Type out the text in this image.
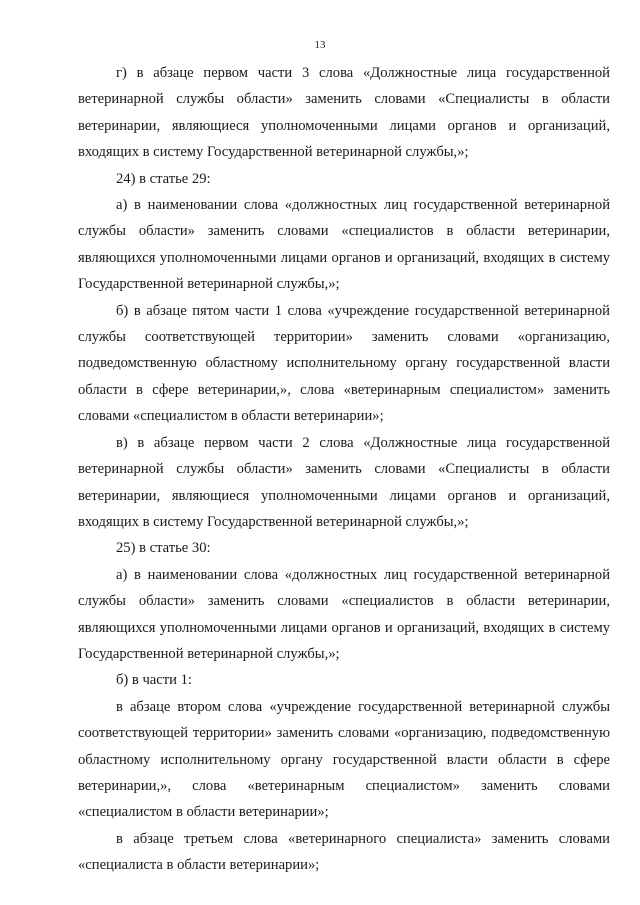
13

г) в абзаце первом части 3 слова «Должностные лица государственной ветеринарной службы области» заменить словами «Специалисты в области ветеринарии, являющиеся уполномоченными лицами органов и организаций, входящих в систему Государственной ветеринарной службы,»;

24) в статье 29:

а) в наименовании слова «должностных лиц государственной ветеринарной службы области» заменить словами «специалистов в области ветеринарии, являющихся уполномоченными лицами органов и организаций, входящих в систему Государственной ветеринарной службы,»;

б) в абзаце пятом части 1 слова «учреждение государственной ветеринарной службы соответствующей территории» заменить словами «организацию, подведомственную областному исполнительному органу государственной власти области в сфере ветеринарии,», слова «ветеринарным специалистом» заменить словами «специалистом в области ветеринарии»;

в) в абзаце первом части 2 слова «Должностные лица государственной ветеринарной службы области» заменить словами «Специалисты в области ветеринарии, являющиеся уполномоченными лицами органов и организаций, входящих в систему Государственной ветеринарной службы,»;

25) в статье 30:

а) в наименовании слова «должностных лиц государственной ветеринарной службы области» заменить словами «специалистов в области ветеринарии, являющихся уполномоченными лицами органов и организаций, входящих в систему Государственной ветеринарной службы,»;

б) в части 1:

в абзаце втором слова «учреждение государственной ветеринарной службы соответствующей территории» заменить словами «организацию, подведомственную областному исполнительному органу государственной власти области в сфере ветеринарии,», слова «ветеринарным специалистом» заменить словами «специалистом в области ветеринарии»;

в абзаце третьем слова «ветеринарного специалиста» заменить словами «специалиста в области ветеринарии»;
